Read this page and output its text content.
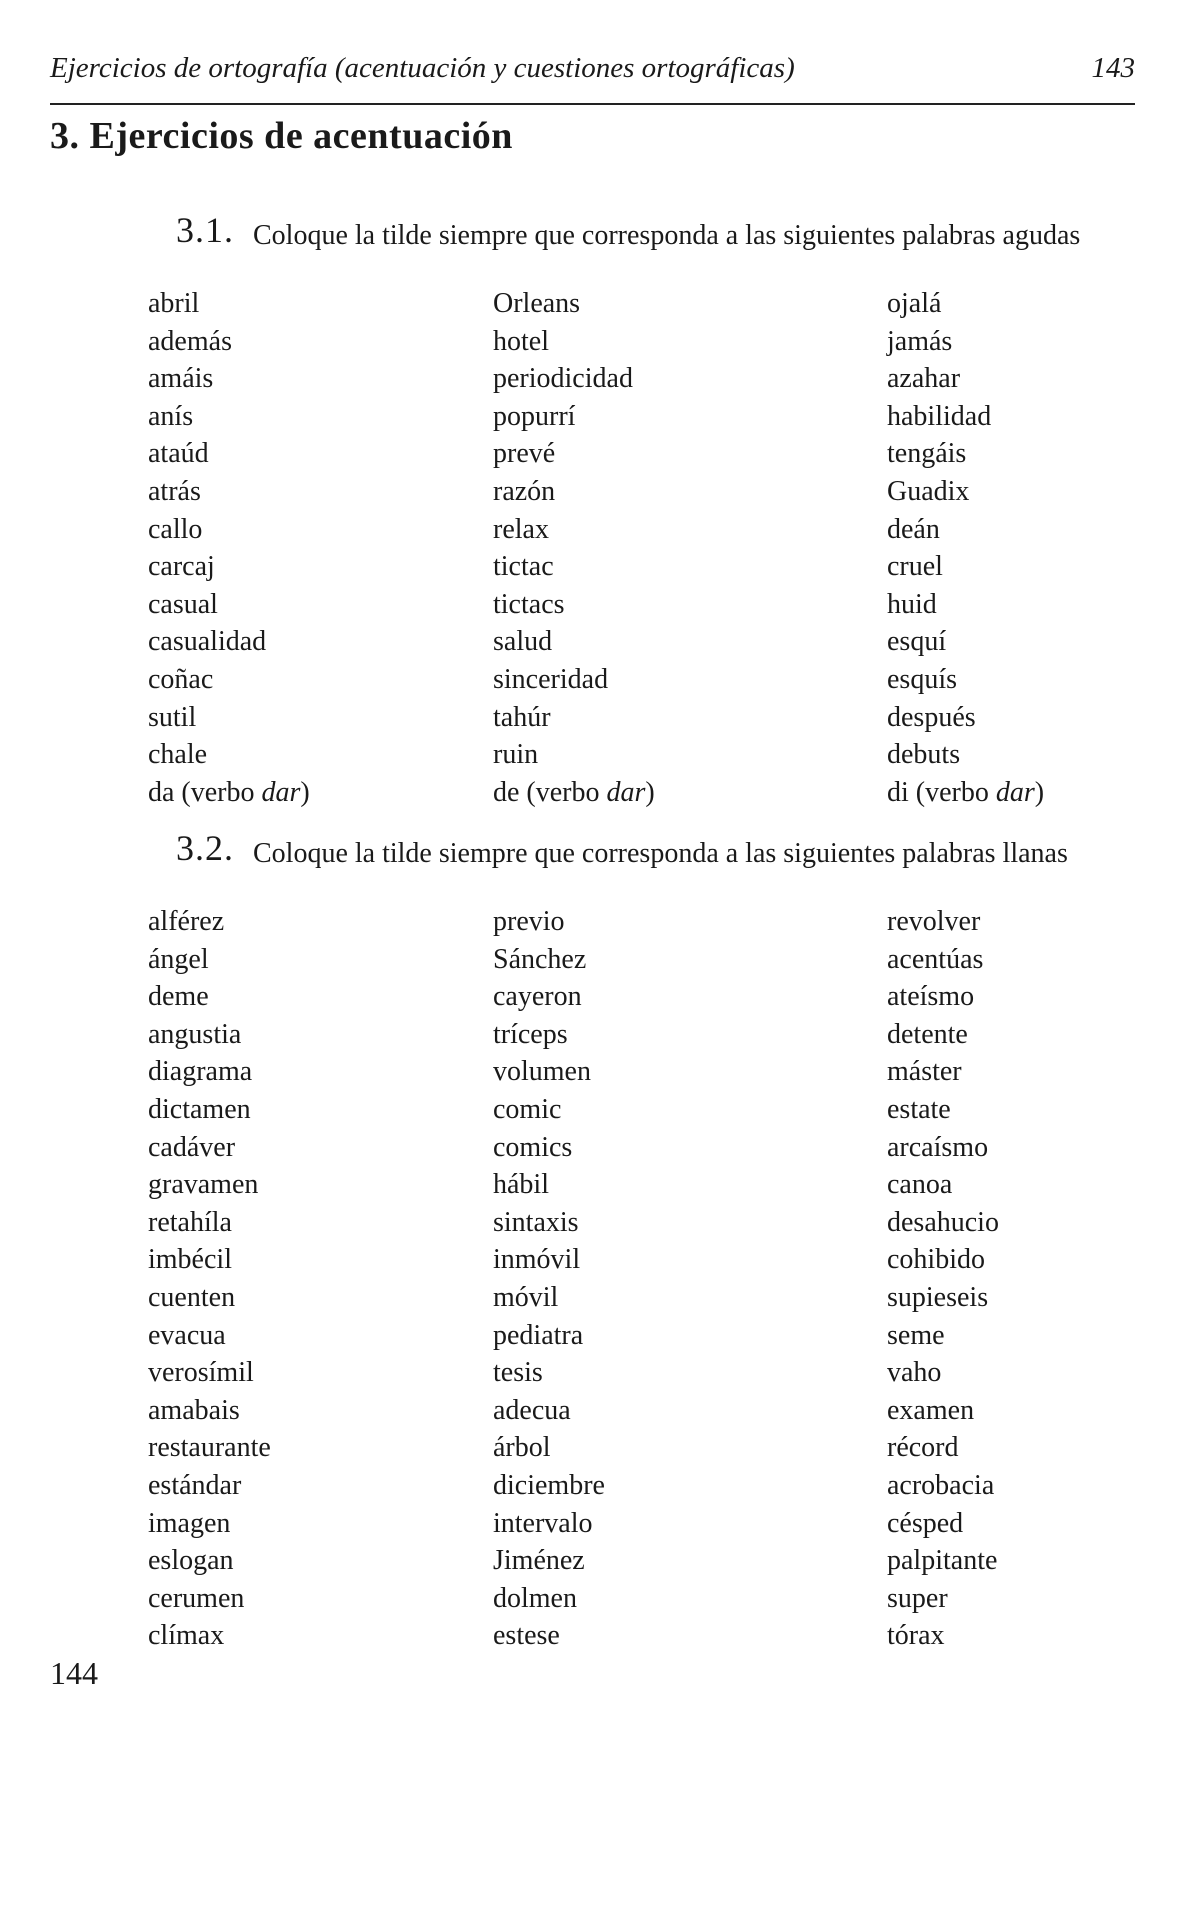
Ejercicios de ortografía (acentuación y cuestiones ortográficas)	143
3. Ejercicios de acentuación
3.1. Coloque la tilde siempre que corresponda a las siguientes palabras agudas
abril	Orleans	ojalá
además	hotel	jamás
amáis	periodicidad	azahar
anís	popurrí	habilidad
ataúd	prevé	tengáis
atrás	razón	Guadix
callo	relax	deán
carcaj	tictac	cruel
casual	tictacs	huid
casualidad	salud	esquí
coñac	sinceridad	esquís
sutil	tahúr	después
chale	ruin	debuts
da (verbo dar)	de (verbo dar)	di (verbo dar)
3.2. Coloque la tilde siempre que corresponda a las siguientes palabras llanas
alférez	previo	revolver
ángel	Sánchez	acentúas
deme	cayeron	ateísmo
angustia	tríceps	detente
diagrama	volumen	máster
dictamen	comic	estate
cadáver	comics	arcaísmo
gravamen	hábil	canoa
retahíla	sintaxis	desahucio
imbécil	inmóvil	cohibido
cuenten	móvil	supieseis
evacua	pediatra	seme
verosímil	tesis	vaho
amabais	adecua	examen
restaurante	árbol	récord
estándar	diciembre	acrobacia
imagen	intervalo	césped
eslogan	Jiménez	palpitante
cerumen	dolmen	super
clímax	estese	tórax
144
